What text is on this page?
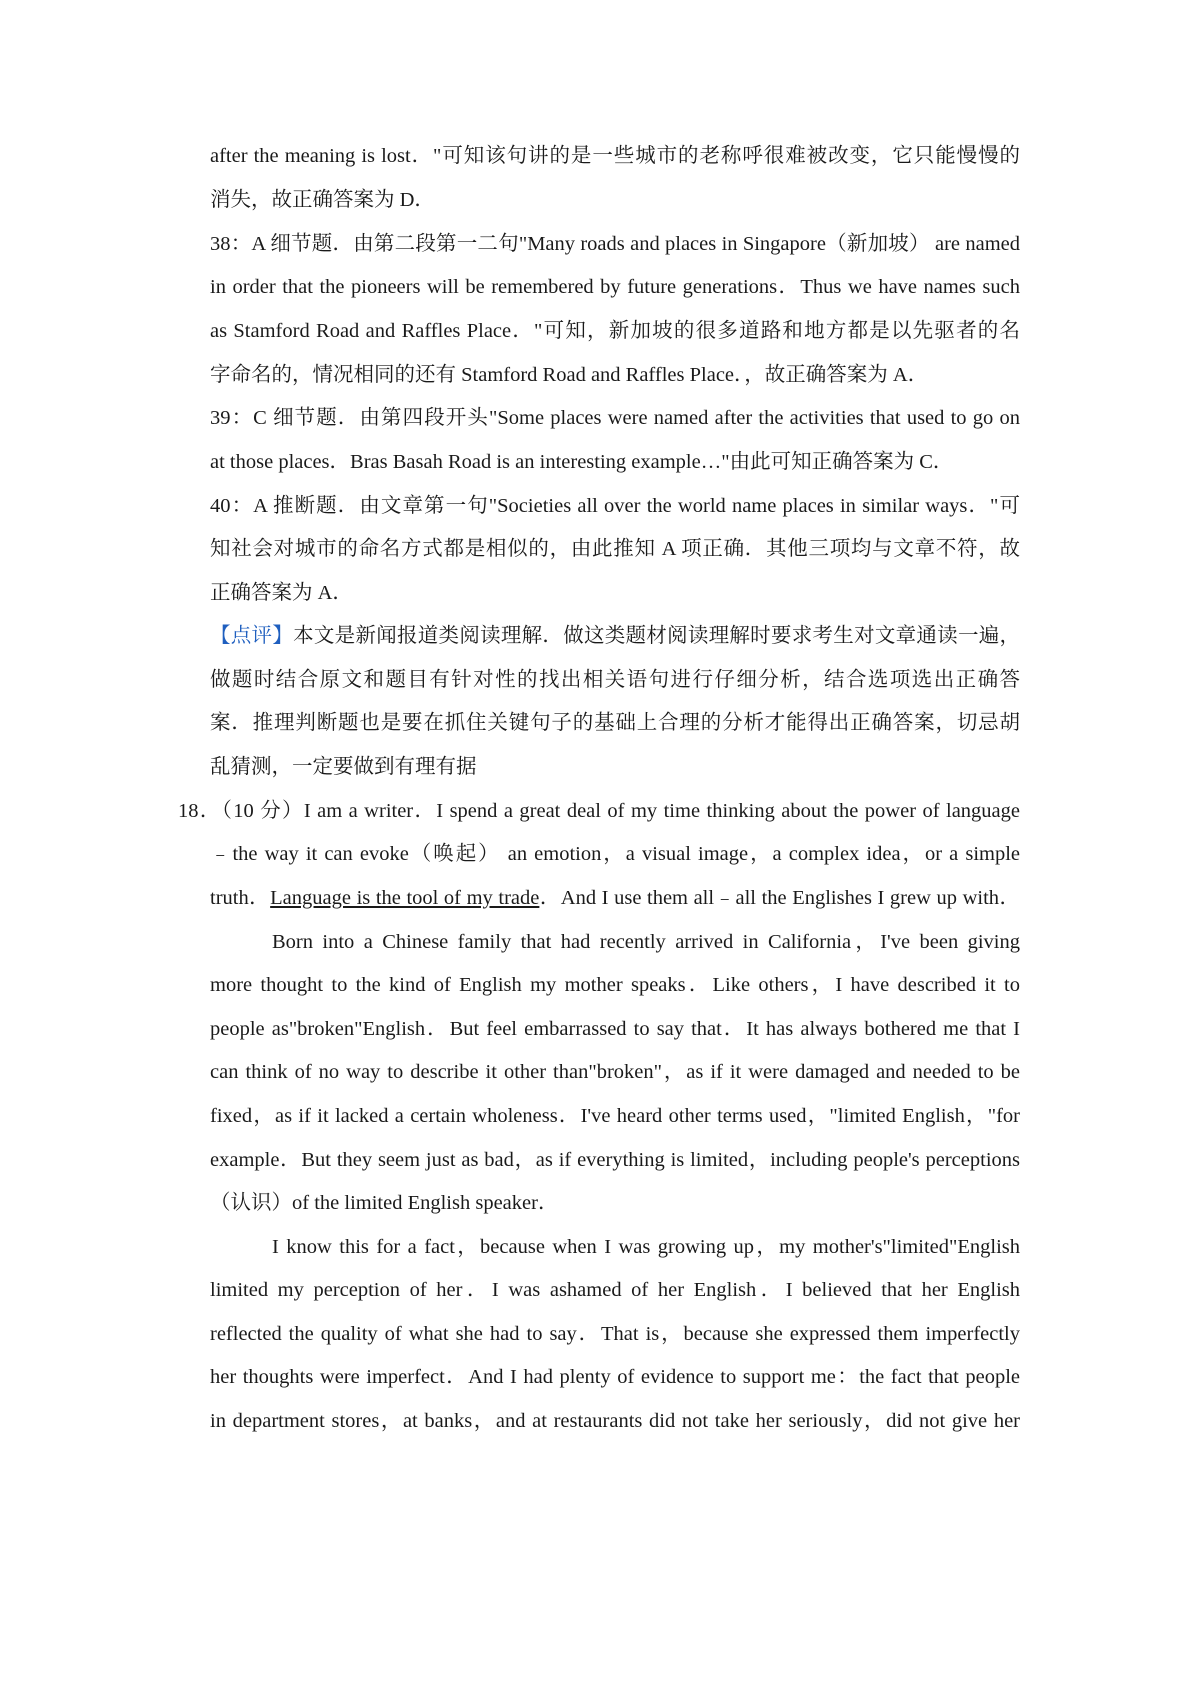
after the meaning is lost．"可知该句讲的是一些城市的老称呼很难被改变，它只能慢慢的
消失，故正确答案为 D．
38：A 细节题．由第二段第一二句"Many roads and places in Singapore（新加坡） are named
in order that the pioneers will be remembered by future generations．Thus we have names such
as Stamford Road and Raffles Place．"可知，新加坡的很多道路和地方都是以先驱者的名
字命名的，情况相同的还有 Stamford Road and Raffles Place．，故正确答案为 A．
39：C 细节题．由第四段开头"Some places were named after the activities that used to go on
at those places．Bras Basah Road is an interesting example…"由此可知正确答案为 C．
40：A 推断题．由文章第一句"Societies all over the world name places in similar ways．"可
知社会对城市的命名方式都是相似的，由此推知 A 项正确．其他三项均与文章不符，故
正确答案为 A．
【点评】本文是新闻报道类阅读理解．做这类题材阅读理解时要求考生对文章通读一遍，
做题时结合原文和题目有针对性的找出相关语句进行仔细分析，结合选项选出正确答
案．推理判断题也是要在抓住关键句子的基础上合理的分析才能得出正确答案，切忌胡
乱猜测，一定要做到有理有据
18．（10 分）I am a writer．I spend a great deal of my time thinking about the power of language
﹣the way it can evoke（唤起） an emotion，a visual image，a complex idea，or a simple
truth．Language is the tool of my trade．And I use them all﹣all the Englishes I grew up with．
Born into a Chinese family that had recently arrived in California，I've been giving
more thought to the kind of English my mother speaks．Like others，I have described it to
people as"broken"English．But feel embarrassed to say that．It has always bothered me that I
can think of no way to describe it other than"broken"，as if it were damaged and needed to be
fixed，as if it lacked a certain wholeness．I've heard other terms used，"limited English，"for
example．But they seem just as bad，as if everything is limited，including people's perceptions
（认识）of the limited English speaker．
I know this for a fact，because when I was growing up，my mother's"limited"English
limited my perception of her．I was ashamed of her English．I believed that her English
reflected the quality of what she had to say．That is，because she expressed them imperfectly
her thoughts were imperfect．And I had plenty of evidence to support me：the fact that people
in department stores，at banks，and at restaurants did not take her seriously，did not give her
